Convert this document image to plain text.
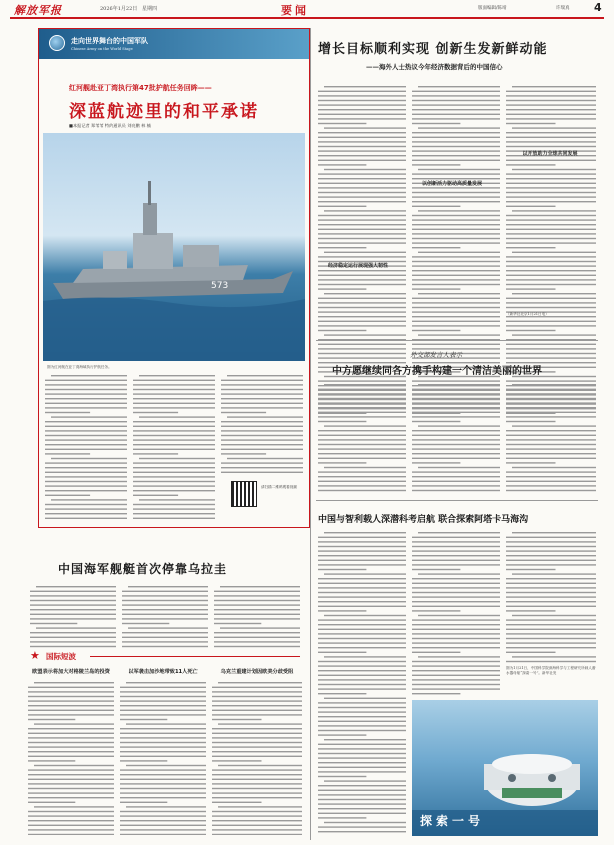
解放军报	2026年1月22日 星期四	要闻	版面编辑/陈靖	许瑞真 4
走向世界舞台的中国军队
Chinese Army on the World Stage
红河舰赴亚丁湾执行第47批护航任务回眸——
深蓝航迹里的和平承诺
■本报记者 郑苇苇 特约通讯员 刘亮鹏 林 楠
573
图为红河舰在亚丁湾海域执行护航任务。
请扫描二维码观看视频
增长目标顺利实现 创新生发新鲜动能
——海外人士热议今年经济数据背后的中国信心
经济稳定运行展现强大韧性
以创新活力驱动高质量发展
以开放助力全球共同发展
（新华社北京1月21日电）
外交部发言人表示
中方愿继续同各方携手构建一个清洁美丽的世界
中国与智利载人深潜科考启航 联合探索阿塔卡马海沟
图为1月21日，中国科学院深海科学与工程研究所载人潜水器母船“探索一号”。新华社发
探索一号
中国海军舰艇首次停靠乌拉圭
★ 国际短波
欧盟表示将加大对格陵兰岛的投资	以军袭击加沙地带致11人死亡	乌克兰重建计划因欧美分歧受阻
